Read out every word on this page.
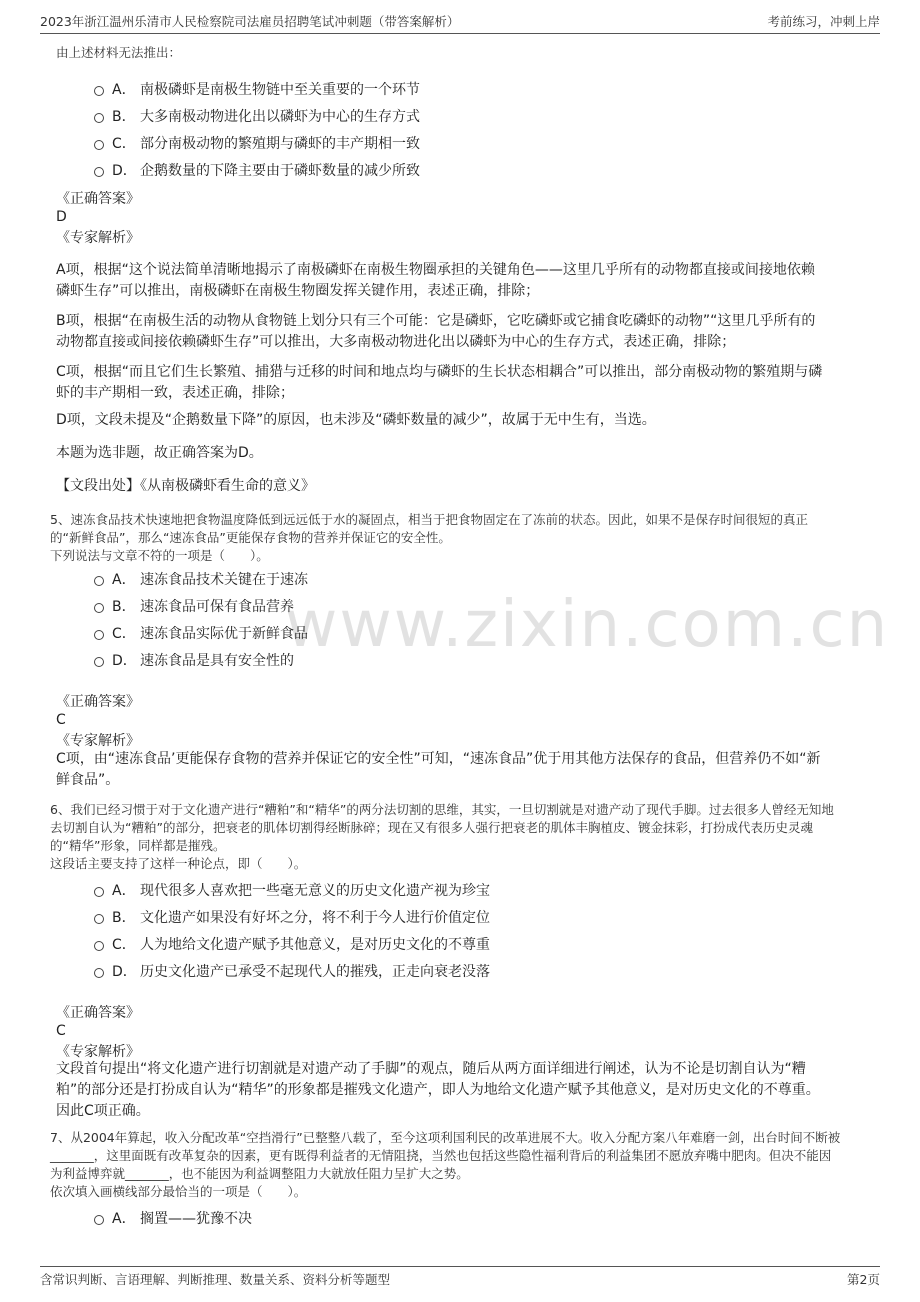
2023年浙江温州乐清市人民检察院司法雇员招聘笔试冲刺题（带答案解析）	考前练习，冲刺上岸
www.zixin.com.cn
由上述材料无法推出：
A． 南极磷虾是南极生物链中至关重要的一个环节
B． 大多南极动物进化出以磷虾为中心的生存方式
C． 部分南极动物的繁殖期与磷虾的丰产期相一致
D． 企鹅数量的下降主要由于磷虾数量的减少所致
《正确答案》
D
《专家解析》
A项，根据“这个说法简单清晰地揭示了南极磷虾在南极生物圈承担的关键角色——这里几乎所有的动物都直接或间接地依赖
磷虾生存”可以推出，南极磷虾在南极生物圈发挥关键作用，表述正确，排除；
B项，根据“在南极生活的动物从食物链上划分只有三个可能：它是磷虾，它吃磷虾或它捕食吃磷虾的动物”“这里几乎所有的
动物都直接或间接依赖磷虾生存”可以推出，大多南极动物进化出以磷虾为中心的生存方式，表述正确，排除；
C项，根据“而且它们生长繁殖、捕猎与迁移的时间和地点均与磷虾的生长状态相耦合”可以推出，部分南极动物的繁殖期与磷
虾的丰产期相一致，表述正确，排除；
D项，文段未提及“企鹅数量下降”的原因，也未涉及“磷虾数量的减少”，故属于无中生有，当选。
本题为选非题，故正确答案为D。
【文段出处】《从南极磷虾看生命的意义》
5、速冻食品技术快速地把食物温度降低到远远低于水的凝固点，相当于把食物固定在了冻前的状态。因此，如果不是保存时间很短的真正
的“新鲜食品”，那么“速冻食品”更能保存食物的营养并保证它的安全性。
下列说法与文章不符的一项是（　　）。
A． 速冻食品技术关键在于速冻
B． 速冻食品可保有食品营养
C． 速冻食品实际优于新鲜食品
D． 速冻食品是具有安全性的
《正确答案》
C
《专家解析》
C项，由“速冻食品’更能保存食物的营养并保证它的安全性”可知，“速冻食品”优于用其他方法保存的食品，但营养仍不如“新
鲜食品”。
6、我们已经习惯于对于文化遗产进行“糟粕”和“精华”的两分法切割的思维，其实，一旦切割就是对遗产动了现代手脚。过去很多人曾经无知地
去切割自认为“糟粕”的部分，把衰老的肌体切割得经断脉碎；现在又有很多人强行把衰老的肌体丰胸植皮、镀金抹彩，打扮成代表历史灵魂
的“精华”形象，同样都是摧残。
这段话主要支持了这样一种论点，即（　　）。
A． 现代很多人喜欢把一些毫无意义的历史文化遗产视为珍宝
B． 文化遗产如果没有好坏之分，将不利于今人进行价值定位
C． 人为地给文化遗产赋予其他意义，是对历史文化的不尊重
D． 历史文化遗产已承受不起现代人的摧残，正走向衰老没落
《正确答案》
C
《专家解析》
文段首句提出“将文化遗产进行切割就是对遗产动了手脚”的观点，随后从两方面详细进行阐述，认为不论是切割自认为“糟
粕”的部分还是打扮成自认为“精华”的形象都是摧残文化遗产，即人为地给文化遗产赋予其他意义，是对历史文化的不尊重。
因此C项正确。
7、从2004年算起，收入分配改革“空挡滑行”已整整八载了，至今这项利国利民的改革进展不大。收入分配方案八年难磨一剑，出台时间不断被
_______，这里面既有改革复杂的因素，更有既得利益者的无情阻挠，当然也包括这些隐性福利背后的利益集团不愿放弃嘴中肥肉。但决不能因
为利益博弈就_______，也不能因为利益调整阻力大就放任阻力呈扩大之势。
依次填入画横线部分最恰当的一项是（　　）。
A． 搁置——犹豫不决
含常识判断、言语理解、判断推理、数量关系、资料分析等题型	第2页
